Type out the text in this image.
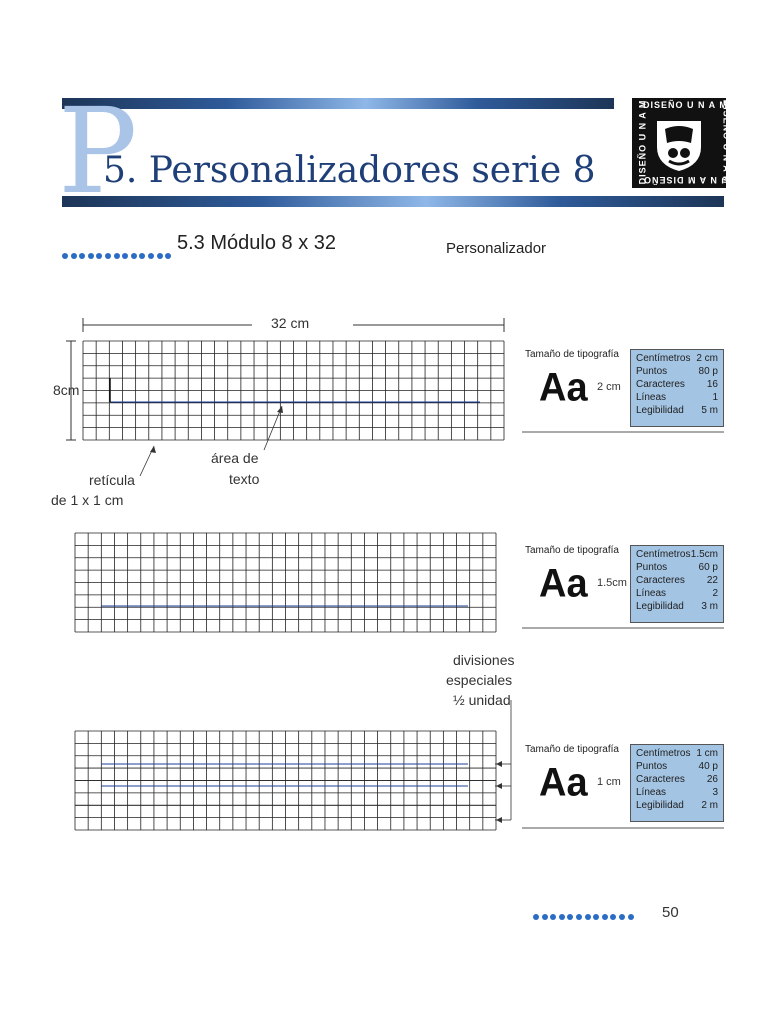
P
5. Personalizadores serie 8
DISEÑO U N A M
U N A M DISEÑO
DISEÑO U N A M	DISEÑO U N A M
5.3 Módulo 8 x 32	Personalizador
32 cm
8cm
retícula
de 1 x 1 cm
área de
texto
divisiones
especiales
½ unidad
Tamaño de tipografía
Aa 2 cm
Centímetros 2 cm
Puntos	80 p
Caracteres 16
Líneas	1
Legibilidad 5 m
Tamaño de tipografía
Aa 1.5cm
Centímetros 1.5cm
Puntos	60 p
Caracteres 22
Líneas	2
Legibilidad 3 m
Tamaño de tipografía
Aa 1 cm
Centímetros 1 cm
Puntos	40 p
Caracteres 26
Líneas	3
Legibilidad 2 m
50
